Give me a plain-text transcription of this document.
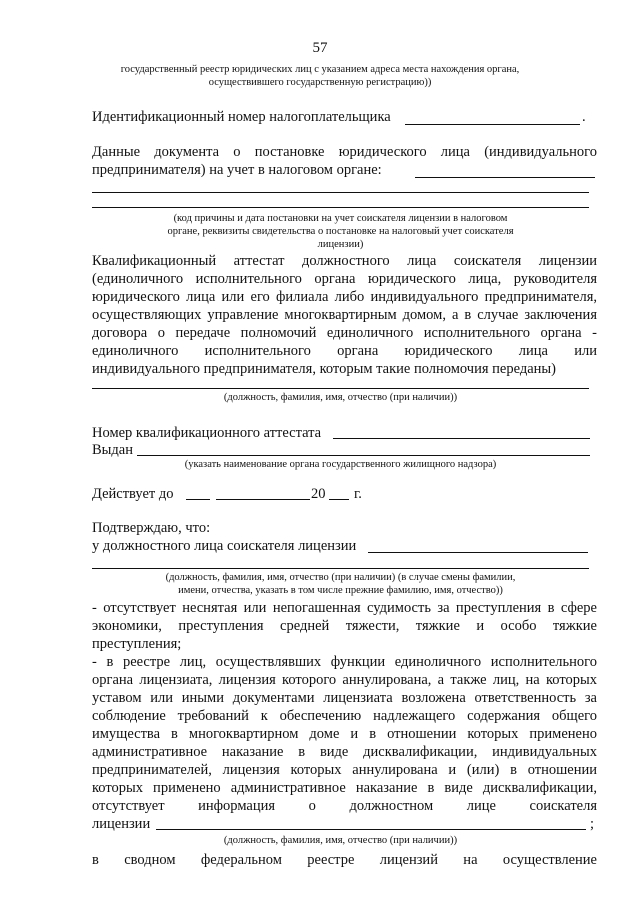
57
государственный реестр юридических лиц с указанием адреса места нахождения органа,
осуществившего государственную регистрацию))
Идентификационный номер налогоплательщика	.
Данные документа о постановке юридического лица (индивидуального
предпринимателя) на учет в налоговом органе:
(код причины и дата постановки на учет соискателя лицензии в налоговом
органе, реквизиты свидетельства о постановке на налоговый учет соискателя
лицензии)
Квалификационный аттестат должностного лица соискателя лицензии
(единоличного исполнительного органа юридического лица, руководителя
юридического лица или его филиала либо индивидуального предпринимателя,
осуществляющих управление многоквартирным домом, а в случае заключения
договора о передаче полномочий единоличного исполнительного органа -
единоличного исполнительного органа юридического лица или
индивидуального предпринимателя, которым такие полномочия переданы)
(должность, фамилия, имя, отчество (при наличии))
Номер квалификационного аттестата
Выдан
(указать наименование органа государственного жилищного надзора)
Действует до	20 г.
Подтверждаю, что:
у должностного лица соискателя лицензии
(должность, фамилия, имя, отчество (при наличии) (в случае смены фамилии,
имени, отчества, указать в том числе прежние фамилию, имя, отчество))
- отсутствует неснятая или непогашенная судимость за преступления в сфере
экономики, преступления средней тяжести, тяжкие и особо тяжкие
преступления;
- в реестре лиц, осуществлявших функции единоличного исполнительного
органа лицензиата, лицензия которого аннулирована, а также лиц, на которых
уставом или иными документами лицензиата возложена ответственность за
соблюдение требований к обеспечению надлежащего содержания общего
имущества в многоквартирном доме и в отношении которых применено
административное наказание в виде дисквалификации, индивидуальных
предпринимателей, лицензия которых аннулирована и (или) в отношении
которых применено административное наказание в виде дисквалификации,
отсутствует информация о должностном лице соискателя
лицензии	;
(должность, фамилия, имя, отчество (при наличии))
в сводном федеральном реестре лицензий на осуществление
